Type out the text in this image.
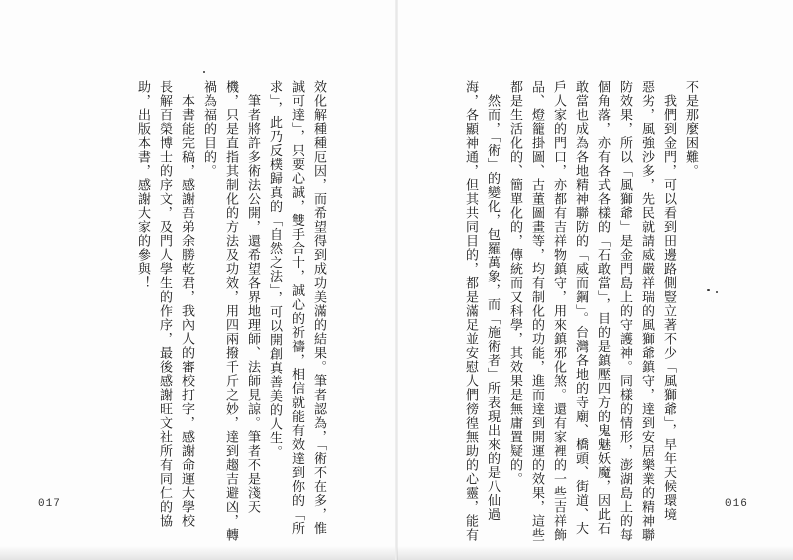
效化解種種厄因，而希望得到成功美滿的結果。筆者認為，「術不在多，惟
誠可達」，只要心誠，雙手合十，誠心的祈禱，相信就能有效達到你的「所
求」，此乃反樸歸真的「自然之法」，可以開創真善美的人生。
　筆者將許多術法公開，還希望各界地理師、法師見諒。筆者不是淺天
機，只是直指其制化的方法及功效，用四兩撥千斤之妙，達到趨吉避凶，轉
禍為福的目的。
　本書能完稿，感謝吾弟余勝乾君，我內人的審校打字，感謝命運大學校
長解百榮博士的序文，及門人學生的作序，最後感謝旺文社所有同仁的協
助，出版本書，感謝大家的參與！
017
不是那麼困難。
　我們到金門，可以看到田邊路側豎立著不少「風獅爺」，早年天候環境
惡劣，風強沙多，先民就請威嚴祥瑞的風獅爺鎮守，達到安居樂業的精神聯
防效果，所以「風獅爺」是金門島上的守護神。同樣的情形，澎湖島上的每
個角落，亦有各式各樣的「石敢當」，目的是鎮壓四方的鬼魅妖魔，因此石
敢當也成為各地精神聯防的「威而鋼」。台灣各地的寺廟、橋頭、街道、大
戶人家的門口，亦都有吉祥物鎮守，用來鎮邪化煞。還有家裡的一些吉祥飾
品、燈籠掛圖、古董圖畫等，均有制化的功能，進而達到開運的效果，這些
都是生活化的、簡單化的，傳統而又科學，其效果是無庸置疑的。
　然而，「術」的變化，包羅萬象，而「施術者」所表現出來的是八仙過
海，各顯神通，但其共同目的，都是滿足並安慰人們徬徨無助的心靈，能有	016
